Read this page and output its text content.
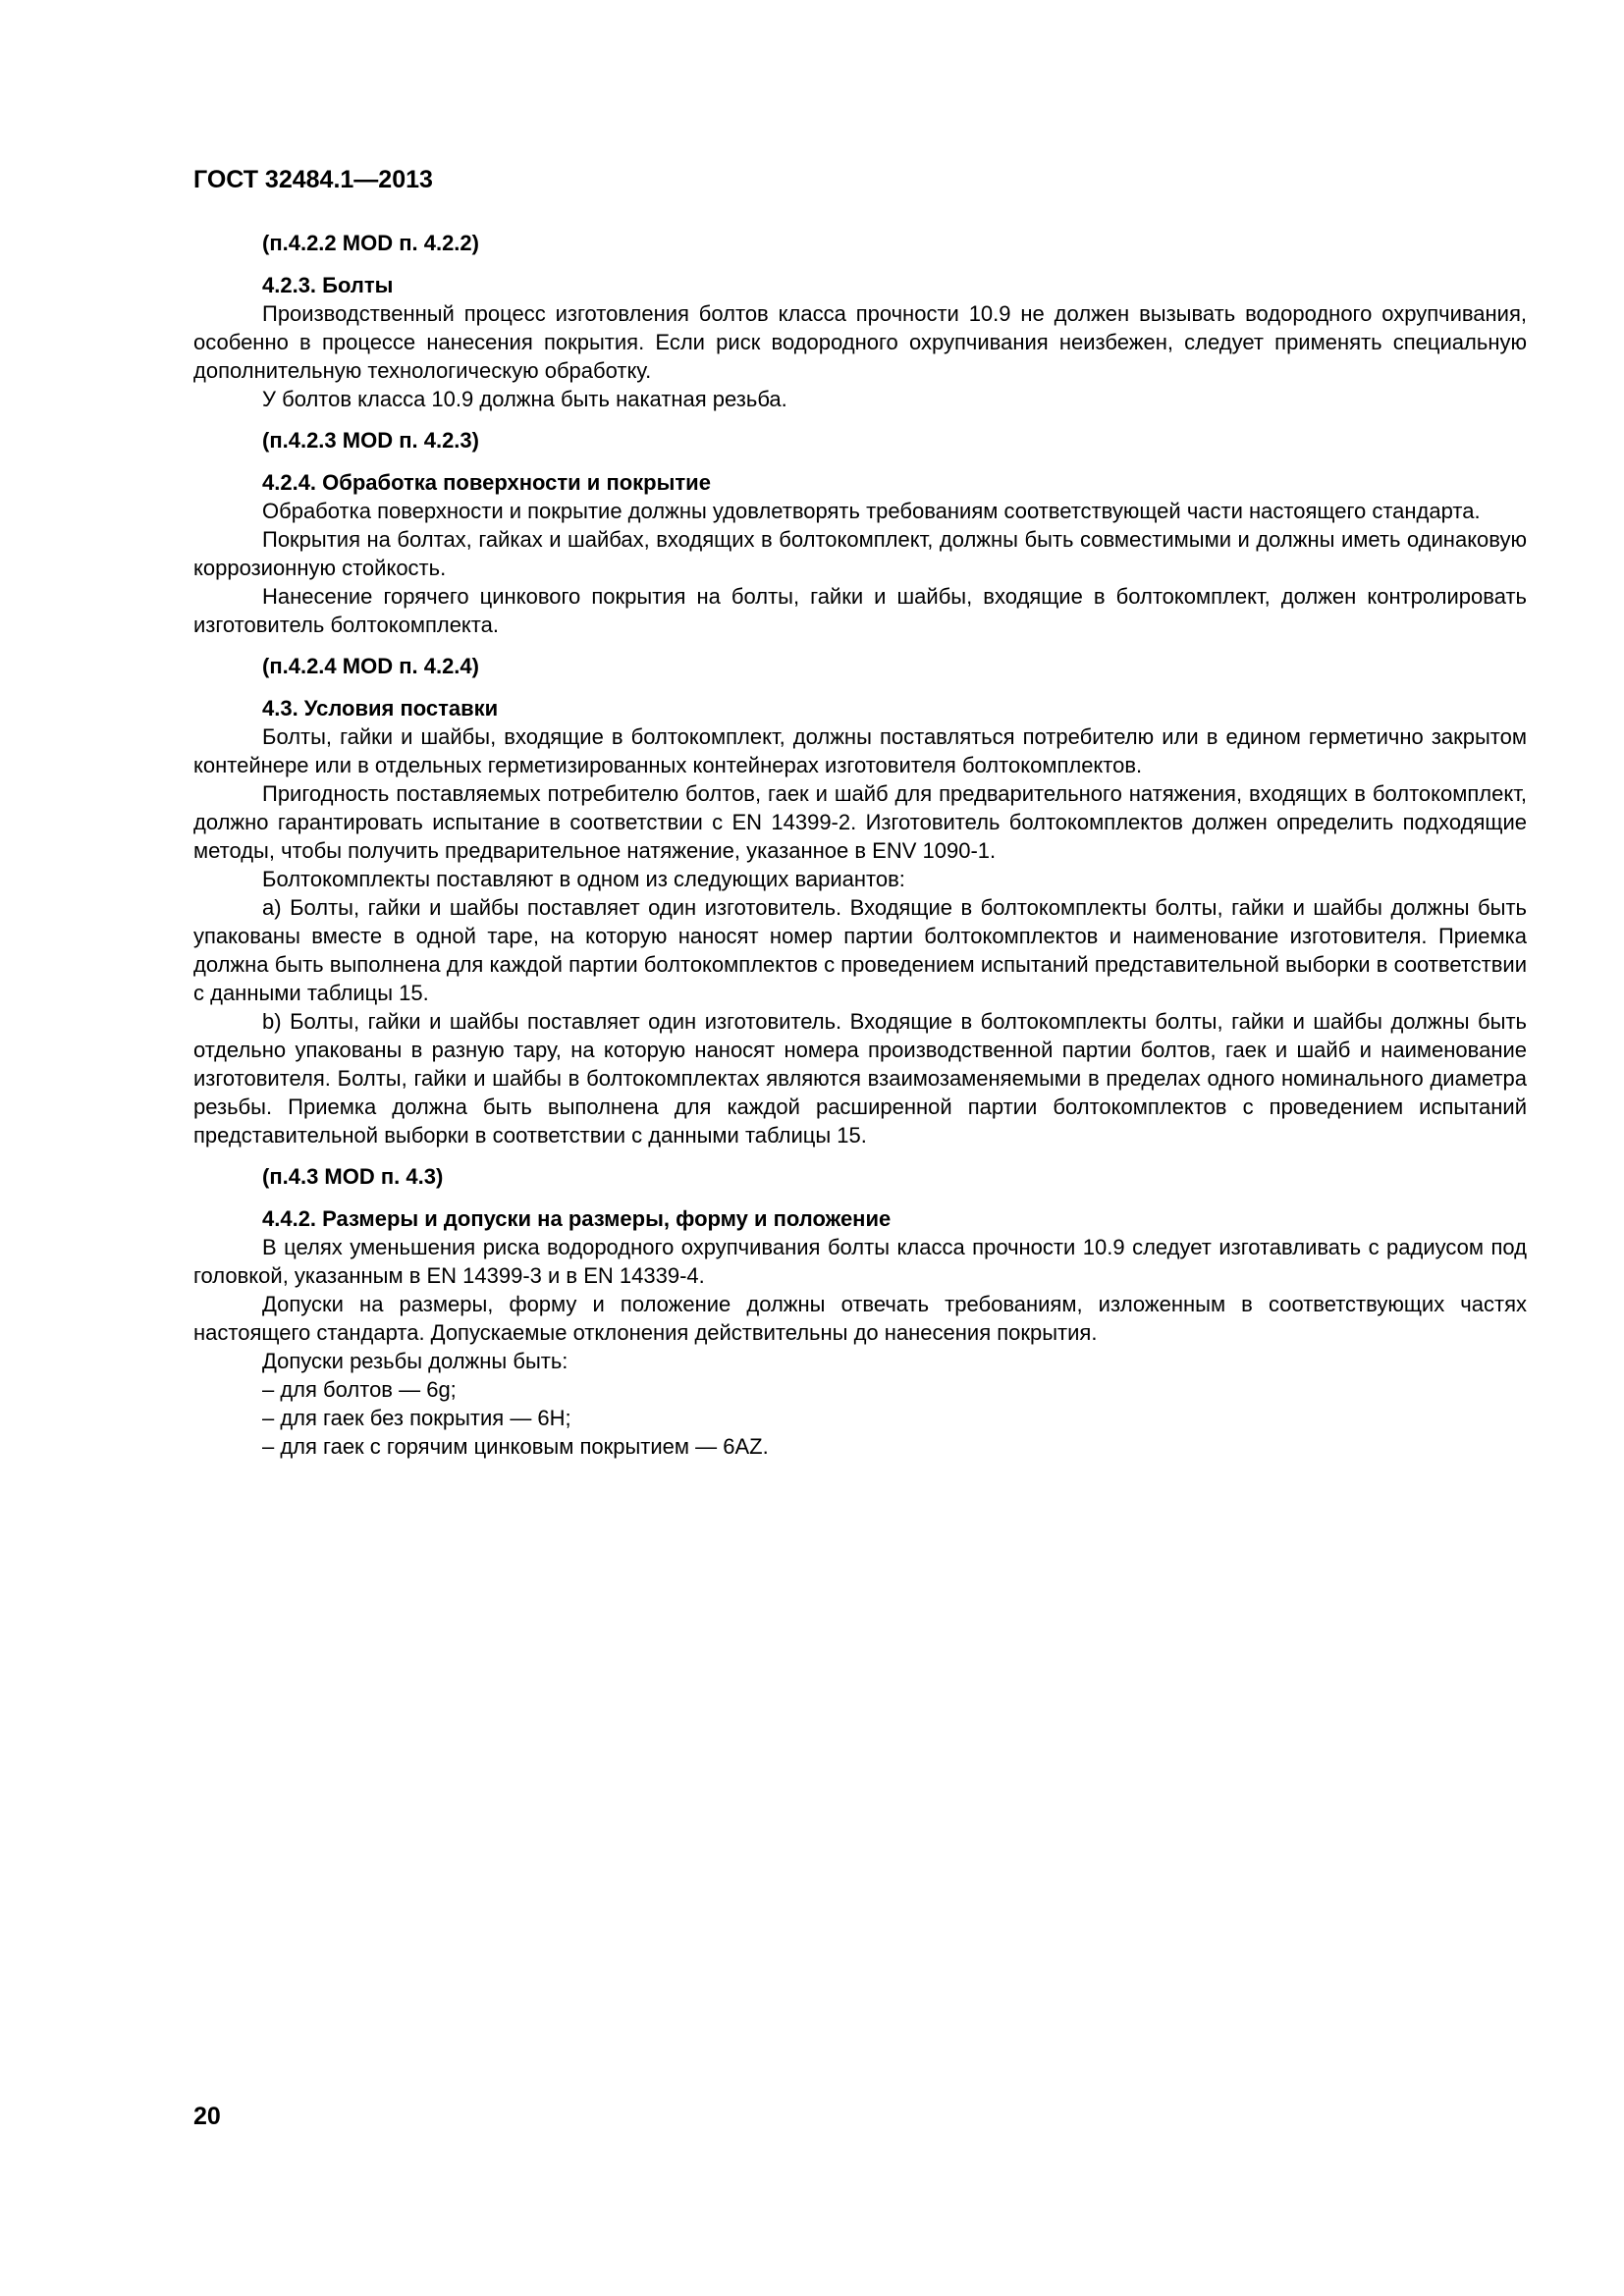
ГОСТ 32484.1—2013
(п.4.2.2 MOD п. 4.2.2)
4.2.3. Болты

Производственный процесс изготовления болтов класса прочности 10.9 не должен вызывать водородного охрупчивания, особенно в процессе нанесения покрытия. Если риск водородного охрупчивания неизбежен, следует применять специальную дополнительную технологическую обработку.

У болтов класса 10.9 должна быть накатная резьба.

(п.4.2.3 MOD п. 4.2.3)
4.2.4. Обработка поверхности и покрытие

Обработка поверхности и покрытие должны удовлетворять требованиям соответствующей части настоящего стандарта.

Покрытия на болтах, гайках и шайбах, входящих в болтокомплект, должны быть совместимыми и должны иметь одинаковую коррозионную стойкость.

Нанесение горячего цинкового покрытия на болты, гайки и шайбы, входящие в болтокомплект, должен контролировать изготовитель болтокомплекта.

(п.4.2.4 MOD п. 4.2.4)
4.3. Условия поставки

Болты, гайки и шайбы, входящие в болтокомплект, должны поставляться потребителю или в едином герметично закрытом контейнере или в отдельных герметизированных контейнерах изготовителя болтокомплектов.

Пригодность поставляемых потребителю болтов, гаек и шайб для предварительного натяжения, входящих в болтокомплект, должно гарантировать испытание в соответствии с EN 14399-2. Изготовитель болтокомплектов должен определить подходящие методы, чтобы получить предварительное натяжение, указанное в ENV 1090-1.

Болтокомплекты поставляют в одном из следующих вариантов:

a) Болты, гайки и шайбы поставляет один изготовитель. Входящие в болтокомплекты болты, гайки и шайбы должны быть упакованы вместе в одной таре, на которую наносят номер партии болтокомплектов и наименование изготовителя. Приемка должна быть выполнена для каждой партии болтокомплектов с проведением испытаний представительной выборки в соответствии с данными таблицы 15.

b) Болты, гайки и шайбы поставляет один изготовитель. Входящие в болтокомплекты болты, гайки и шайбы должны быть отдельно упакованы в разную тару, на которую наносят номера производственной партии болтов, гаек и шайб и наименование изготовителя. Болты, гайки и шайбы в болтокомплектах являются взаимозаменяемыми в пределах одного номинального диаметра резьбы. Приемка должна быть выполнена для каждой расширенной партии болтокомплектов с проведением испытаний представительной выборки в соответствии с данными таблицы 15.

(п.4.3 MOD п. 4.3)
4.4.2. Размеры и допуски на размеры, форму и положение

В целях уменьшения риска водородного охрупчивания болты класса прочности 10.9 следует изготавливать с радиусом под головкой, указанным в EN 14399-3 и в EN 14339-4.

Допуски на размеры, форму и положение должны отвечать требованиям, изложенным в соответствующих частях настоящего стандарта. Допускаемые отклонения действительны до нанесения покрытия.

Допуски резьбы должны быть:

– для болтов — 6g;

– для гаек без покрытия — 6H;

– для гаек с горячим цинковым покрытием — 6AZ.

20
